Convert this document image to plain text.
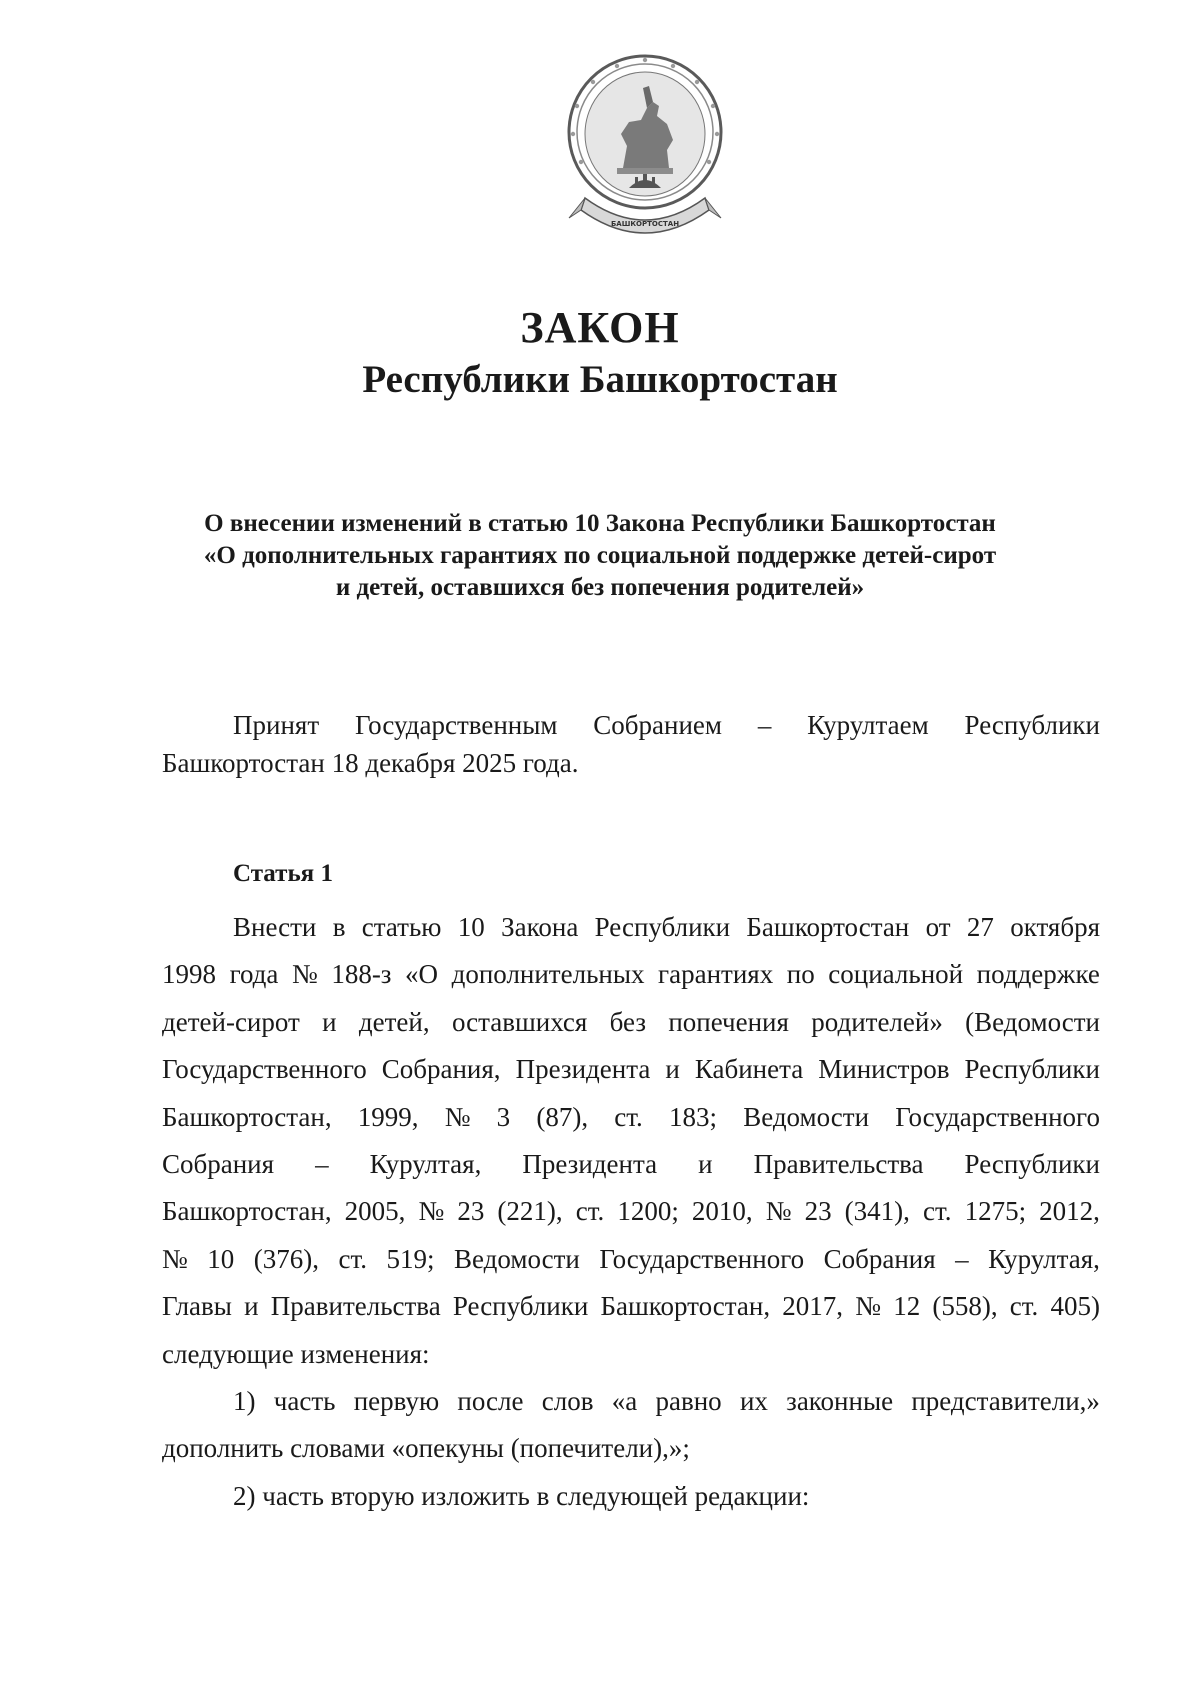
БАШКОРТОСТАН
ЗАКОН
Республики Башкортостан
О внесении изменений в статью 10 Закона Республики Башкортостан
«О дополнительных гарантиях по социальной поддержке детей-сирот
и детей, оставшихся без попечения родителей»
Принят Государственным Собранием – Курултаем Республики
Башкортостан 18 декабря 2025 года.
Статья 1
Внести в статью 10 Закона Республики Башкортостан от 27 октября
1998 года № 188-з «О дополнительных гарантиях по социальной поддержке
детей-сирот и детей, оставшихся без попечения родителей» (Ведомости
Государственного Собрания, Президента и Кабинета Министров Республики
Башкортостан, 1999, № 3 (87), ст. 183; Ведомости Государственного
Собрания – Курултая, Президента и Правительства Республики
Башкортостан, 2005, № 23 (221), ст. 1200; 2010, № 23 (341), ст. 1275; 2012,
№ 10 (376), ст. 519; Ведомости Государственного Собрания – Курултая,
Главы и Правительства Республики Башкортостан, 2017, № 12 (558), ст. 405)
следующие изменения:
1) часть первую после слов «а равно их законные представители,»
дополнить словами «опекуны (попечители),»;
2) часть вторую изложить в следующей редакции:
